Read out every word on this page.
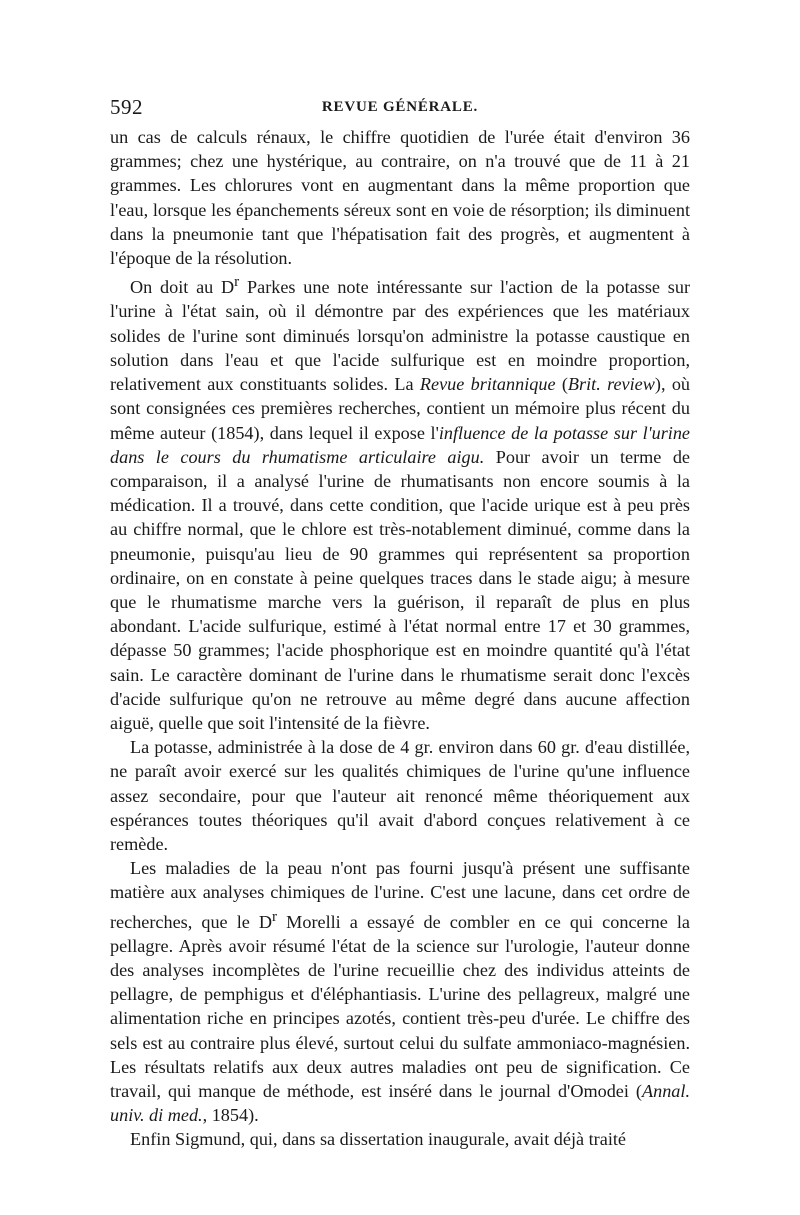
592	REVUE GÉNÉRALE.

un cas de calculs rénaux, le chiffre quotidien de l'urée était d'environ 36 grammes; chez une hystérique, au contraire, on n'a trouvé que de 11 à 21 grammes. Les chlorures vont en augmentant dans la même proportion que l'eau, lorsque les épanchements séreux sont en voie de résorption; ils diminuent dans la pneumonie tant que l'hépatisation fait des progrès, et augmentent à l'époque de la résolution.

On doit au $D^r$ Parkes une note intéressante sur l'action de la potasse sur l'urine à l'état sain, où il démontre par des expériences que les matériaux solides de l'urine sont diminués lorsqu'on administre la potasse caustique en solution dans l'eau et que l'acide sulfurique est en moindre proportion, relativement aux constituants solides. La Revue britannique (Brit. review), où sont consignées ces premières recherches, contient un mémoire plus récent du même auteur (1854), dans lequel il expose l'influence de la potasse sur l'urine dans le cours du rhumatisme articulaire aigu. Pour avoir un terme de comparaison, il a analysé l'urine de rhumatisants non encore soumis à la médication. Il a trouvé, dans cette condition, que l'acide urique est à peu près au chiffre normal, que le chlore est très-notablement diminué, comme dans la pneumonie, puisqu'au lieu de 90 grammes qui représentent sa proportion ordinaire, on en constate à peine quelques traces dans le stade aigu; à mesure que le rhumatisme marche vers la guérison, il reparaît de plus en plus abondant. L'acide sulfurique, estimé à l'état normal entre 17 et 30 grammes, dépasse 50 grammes; l'acide phosphorique est en moindre quantité qu'à l'état sain. Le caractère dominant de l'urine dans le rhumatisme serait donc l'excès d'acide sulfurique qu'on ne retrouve au même degré dans aucune affection aiguë, quelle que soit l'intensité de la fièvre.

La potasse, administrée à la dose de 4 gr. environ dans 60 gr. d'eau distillée, ne paraît avoir exercé sur les qualités chimiques de l'urine qu'une influence assez secondaire, pour que l'auteur ait renoncé même théoriquement aux espérances toutes théoriques qu'il avait d'abord conçues relativement à ce remède.

Les maladies de la peau n'ont pas fourni jusqu'à présent une suffisante matière aux analyses chimiques de l'urine. C'est une lacune, dans cet ordre de recherches, que le $D^r$ Morelli a essayé de combler en ce qui concerne la pellagre. Après avoir résumé l'état de la science sur l'urologie, l'auteur donne des analyses incomplètes de l'urine recueillie chez des individus atteints de pellagre, de pemphigus et d'éléphantiasis. L'urine des pellagreux, malgré une alimentation riche en principes azotés, contient très-peu d'urée. Le chiffre des sels est au contraire plus élevé, surtout celui du sulfate ammoniaco-magnésien. Les résultats relatifs aux deux autres maladies ont peu de signification. Ce travail, qui manque de méthode, est inséré dans le journal d'Omodei (Annal. univ. di med., 1854).

Enfin Sigmund, qui, dans sa dissertation inaugurale, avait déjà traité
